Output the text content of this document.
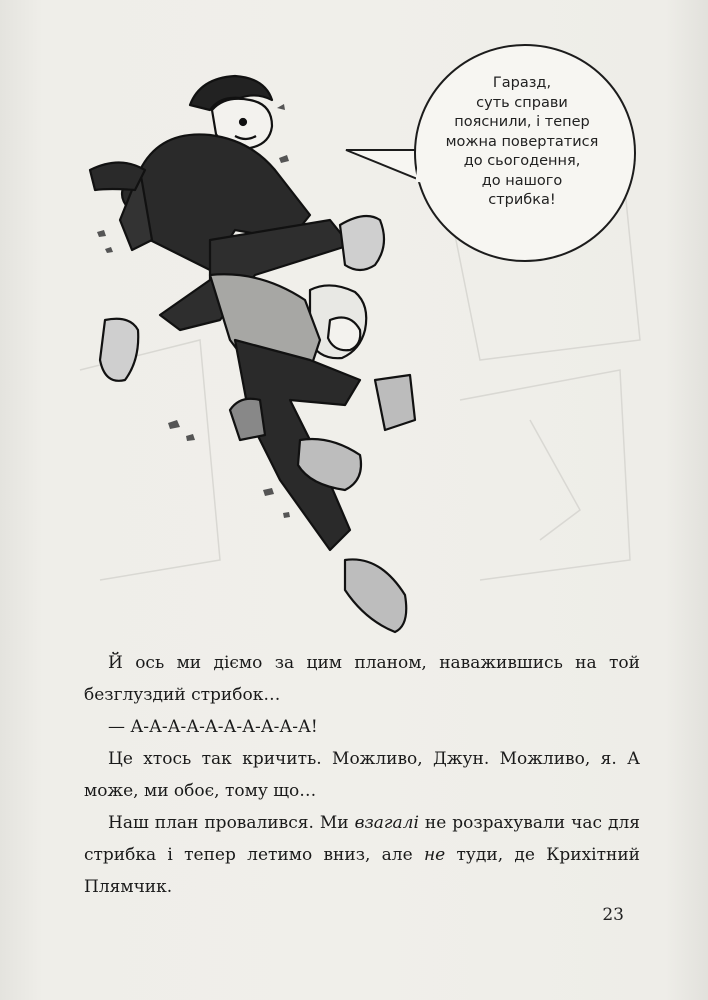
Гаразд,
суть справи
пояснили, і тепер
можна повертатися
до сьогодення,
до нашого
стрибка!

Й ось ми діємо за цим планом, наважившись на той безглуздий стрибок…

— А-А-А-А-А-А-А-А-А-А!

Це хтось так кричить. Можливо, Джун. Можливо, я. А може, ми обоє, тому що…

Наш план провалився. Ми взагалі не розрахували час для стрибка і тепер летимо вниз, але не туди, де Крихітний Плямчик.

23
